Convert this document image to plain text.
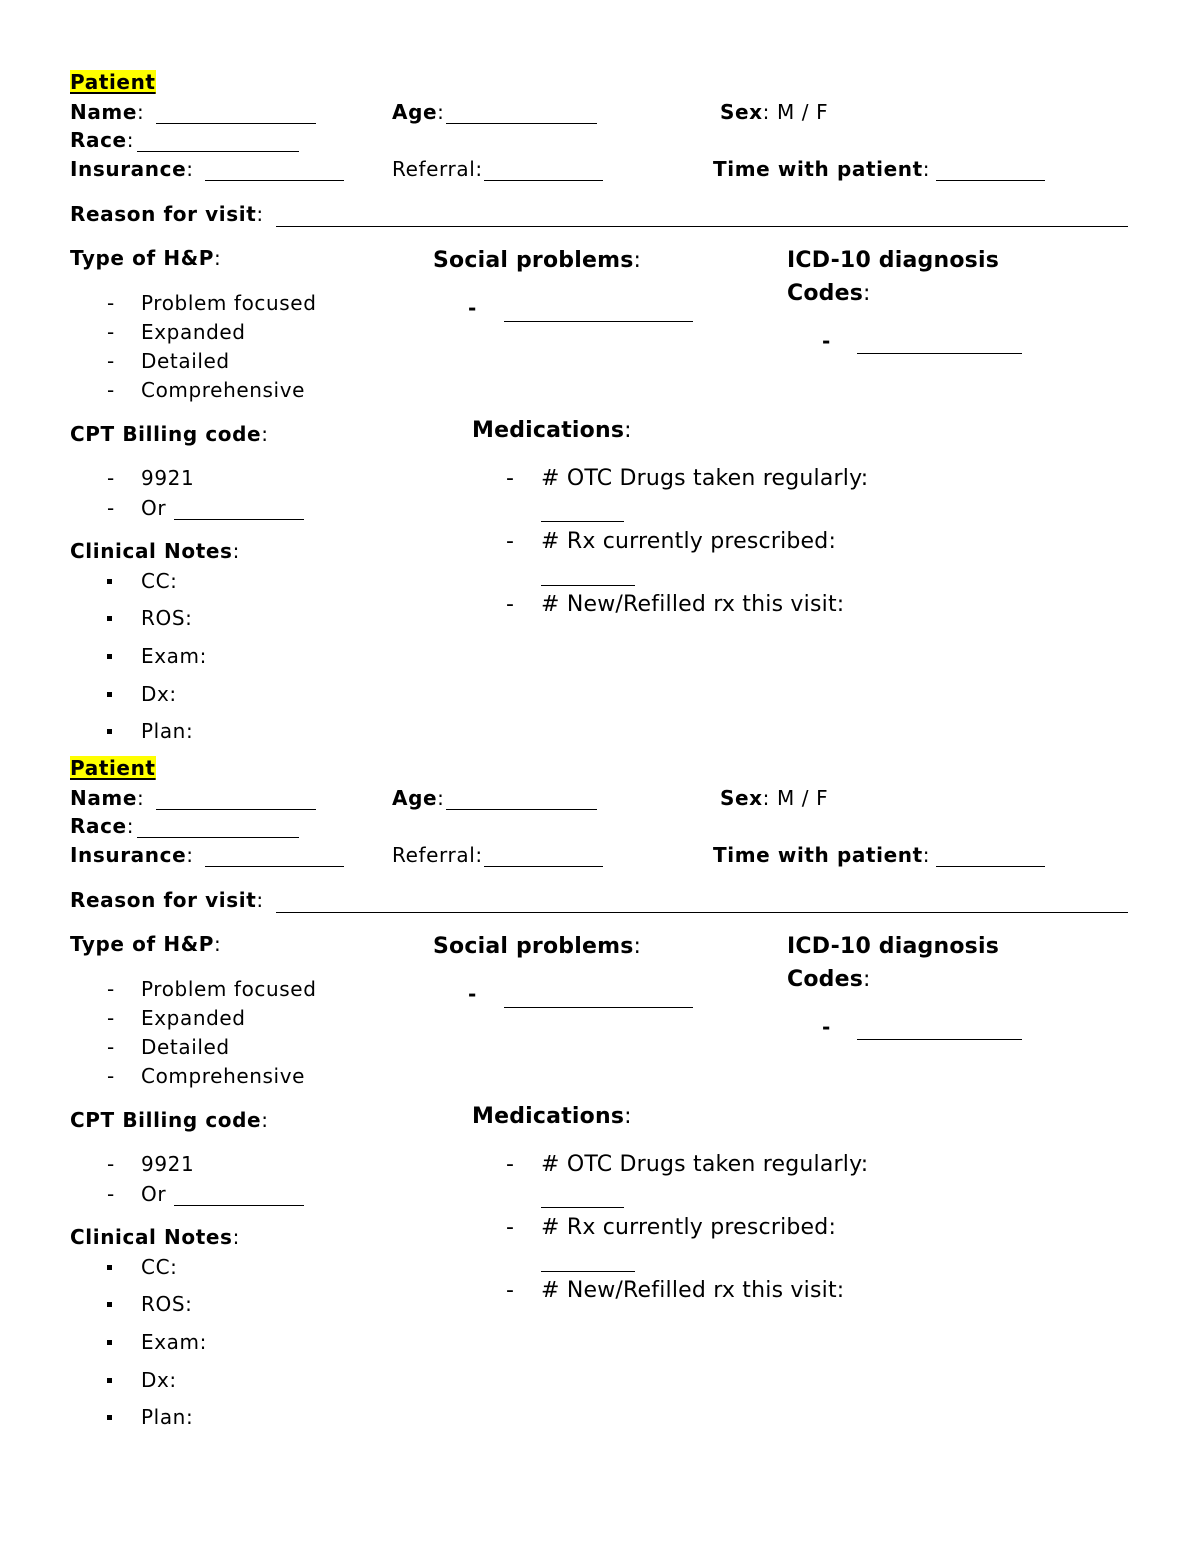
Patient
Name:	Age:	Sex: M / F
Race:
Insurance:	Referral:	Time with patient:
Reason for visit:
Type of H&P:
- Problem focused
- Expanded
- Detailed
- Comprehensive
Social problems:
-
ICD-10 diagnosis
Codes:
-
CPT Billing code:
- 9921
- Or
Medications:
- # OTC Drugs taken regularly:
- # Rx currently prescribed:
- # New/Refilled rx this visit:
Clinical Notes:
CC:
ROS:
Exam:
Dx:
Plan:
Patient
Name:	Age:	Sex: M / F
Race:
Insurance:	Referral:	Time with patient:
Reason for visit:
Type of H&P:
- Problem focused
- Expanded
- Detailed
- Comprehensive
Social problems:
-
ICD-10 diagnosis
Codes:
-
CPT Billing code:
- 9921
- Or
Medications:
- # OTC Drugs taken regularly:
- # Rx currently prescribed:
- # New/Refilled rx this visit:
Clinical Notes:
CC:
ROS:
Exam:
Dx:
Plan:
